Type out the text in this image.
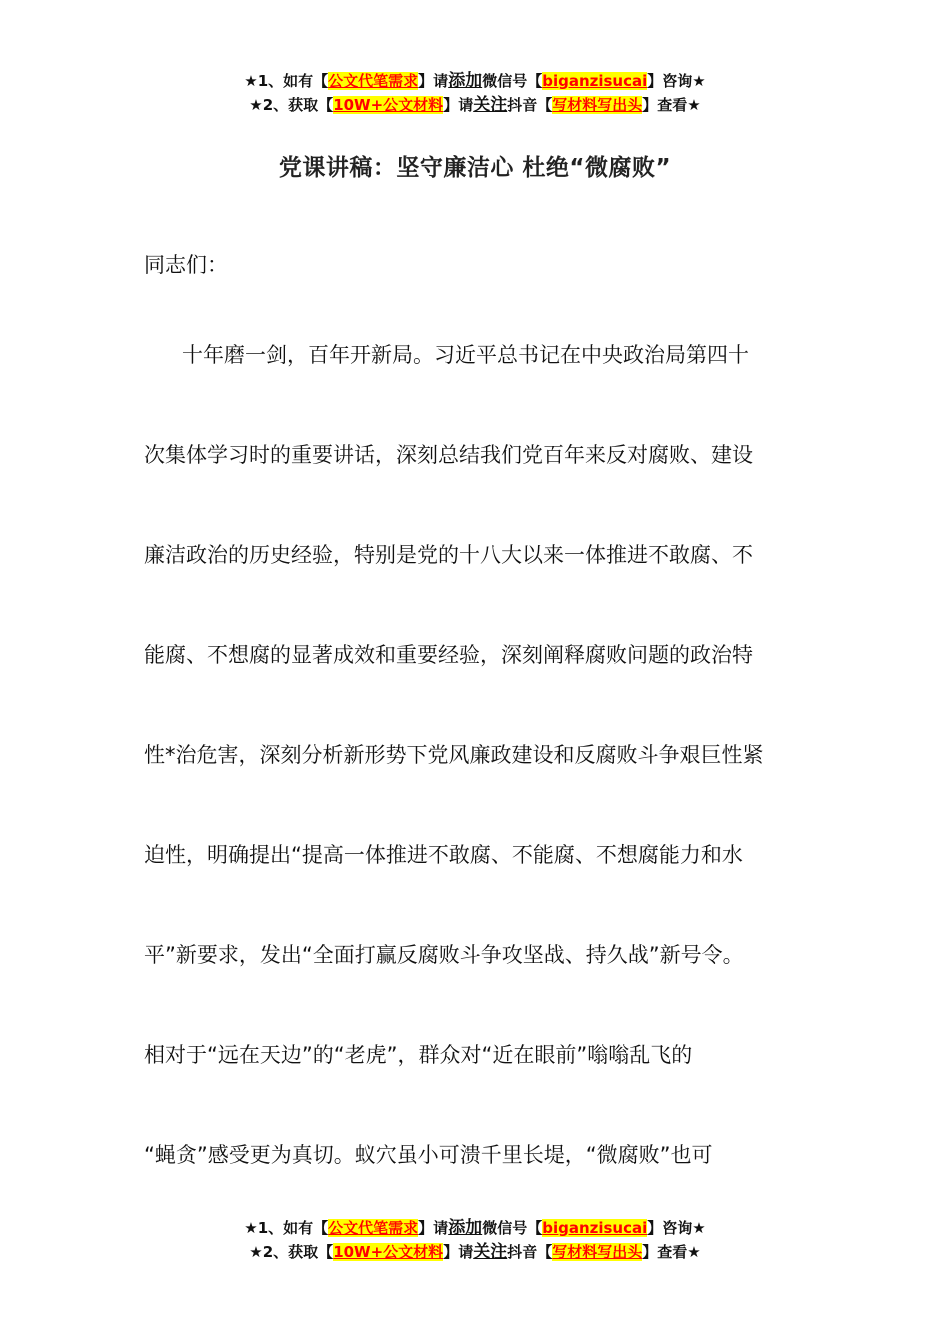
★1、如有【公文代笔需求】请添加微信号【biganzisucai】咨询★
★2、获取【10W+公文材料】请关注抖音【写材料写出头】查看★
党课讲稿：坚守廉洁心 杜绝“微腐败”
同志们：
十年磨一剑，百年开新局。习近平总书记在中央政治局第四十
次集体学习时的重要讲话，深刻总结我们党百年来反对腐败、建设
廉洁政治的历史经验，特别是党的十八大以来一体推进不敢腐、不
能腐、不想腐的显著成效和重要经验，深刻阐释腐败问题的政治特
性*治危害，深刻分析新形势下党风廉政建设和反腐败斗争艰巨性紧
迫性，明确提出“提高一体推进不敢腐、不能腐、不想腐能力和水
平”新要求，发出“全面打赢反腐败斗争攻坚战、持久战”新号令。
相对于“远在天边”的“老虎”，群众对“近在眼前”嗡嗡乱飞的
“蝇贪”感受更为真切。蚁穴虽小可溃千里长堤，“微腐败”也可
★1、如有【公文代笔需求】请添加微信号【biganzisucai】咨询★
★2、获取【10W+公文材料】请关注抖音【写材料写出头】查看★
